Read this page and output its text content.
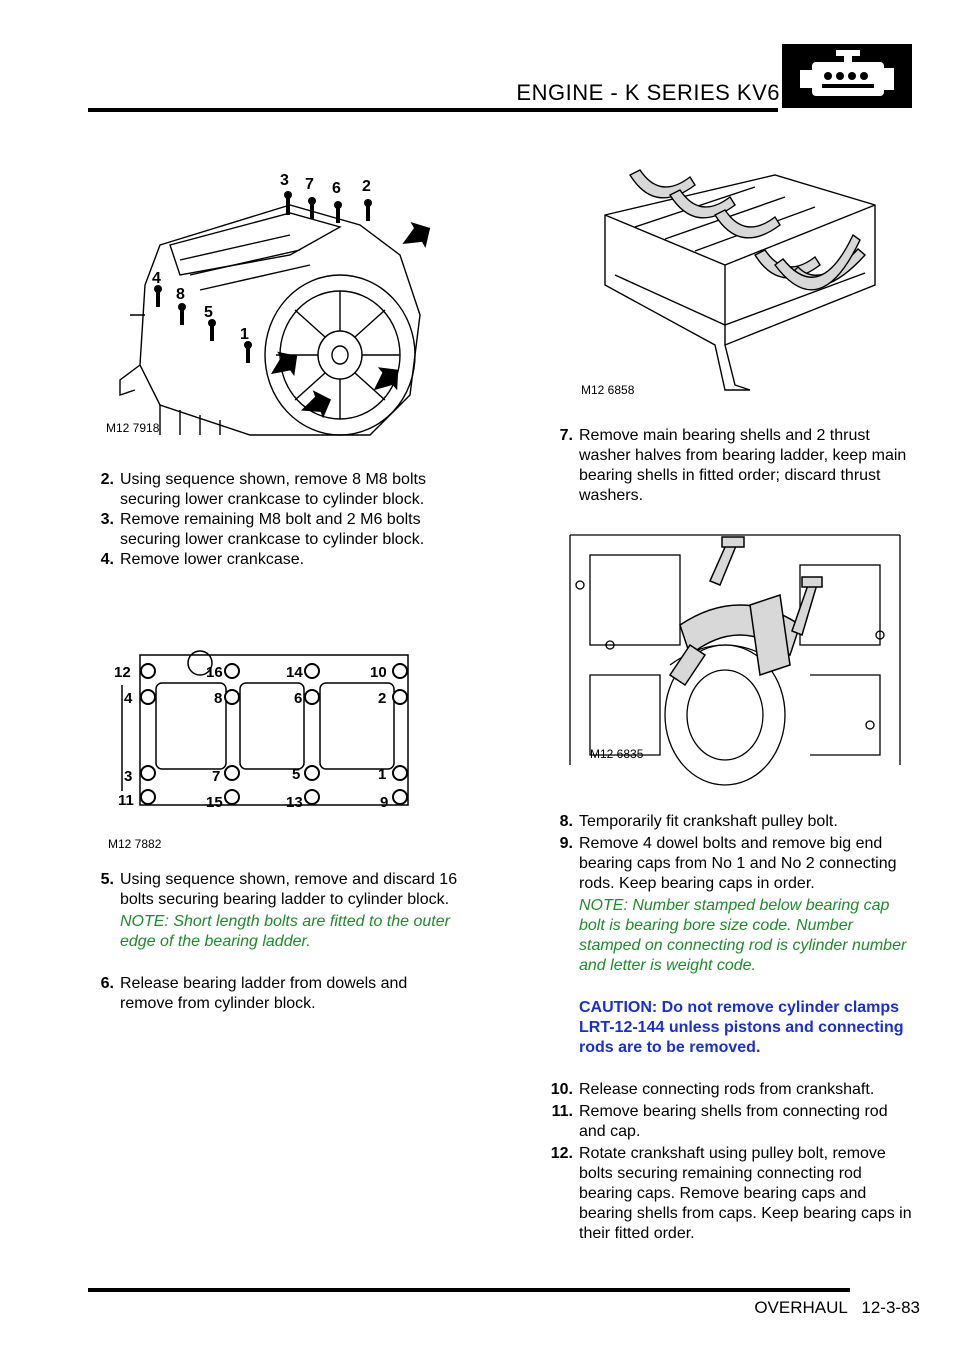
ENGINE - K SERIES KV6
3 7 6 2
4
8
5
1
M12 7918
M12 6858
12	16	14	10
4	8	6	2
3	7	5	1
11	15	13	9
M12 7882
M12 6835
2. Using sequence shown, remove 8 M8 bolts
securing lower crankcase to cylinder block.
3. Remove remaining M8 bolt and 2 M6 bolts
securing lower crankcase to cylinder block.
4. Remove lower crankcase.
5. Using sequence shown, remove and discard 16
bolts securing bearing ladder to cylinder block.
NOTE: Short length bolts are fitted to the outer
edge of the bearing ladder.
6. Release bearing ladder from dowels and
remove from cylinder block.
7. Remove main bearing shells and 2 thrust
washer halves from bearing ladder, keep main
bearing shells in fitted order; discard thrust
washers.
8. Temporarily fit crankshaft pulley bolt.
9. Remove 4 dowel bolts and remove big end
bearing caps from No 1 and No 2 connecting
rods. Keep bearing caps in order.
NOTE: Number stamped below bearing cap
bolt is bearing bore size code. Number
stamped on connecting rod is cylinder number
and letter is weight code.
CAUTION: Do not remove cylinder clamps
LRT-12-144 unless pistons and connecting
rods are to be removed.
10. Release connecting rods from crankshaft.
11. Remove bearing shells from connecting rod
and cap.
12. Rotate crankshaft using pulley bolt, remove
bolts securing remaining connecting rod
bearing caps. Remove bearing caps and
bearing shells from caps. Keep bearing caps in
their fitted order.
OVERHAUL   12-3-83
